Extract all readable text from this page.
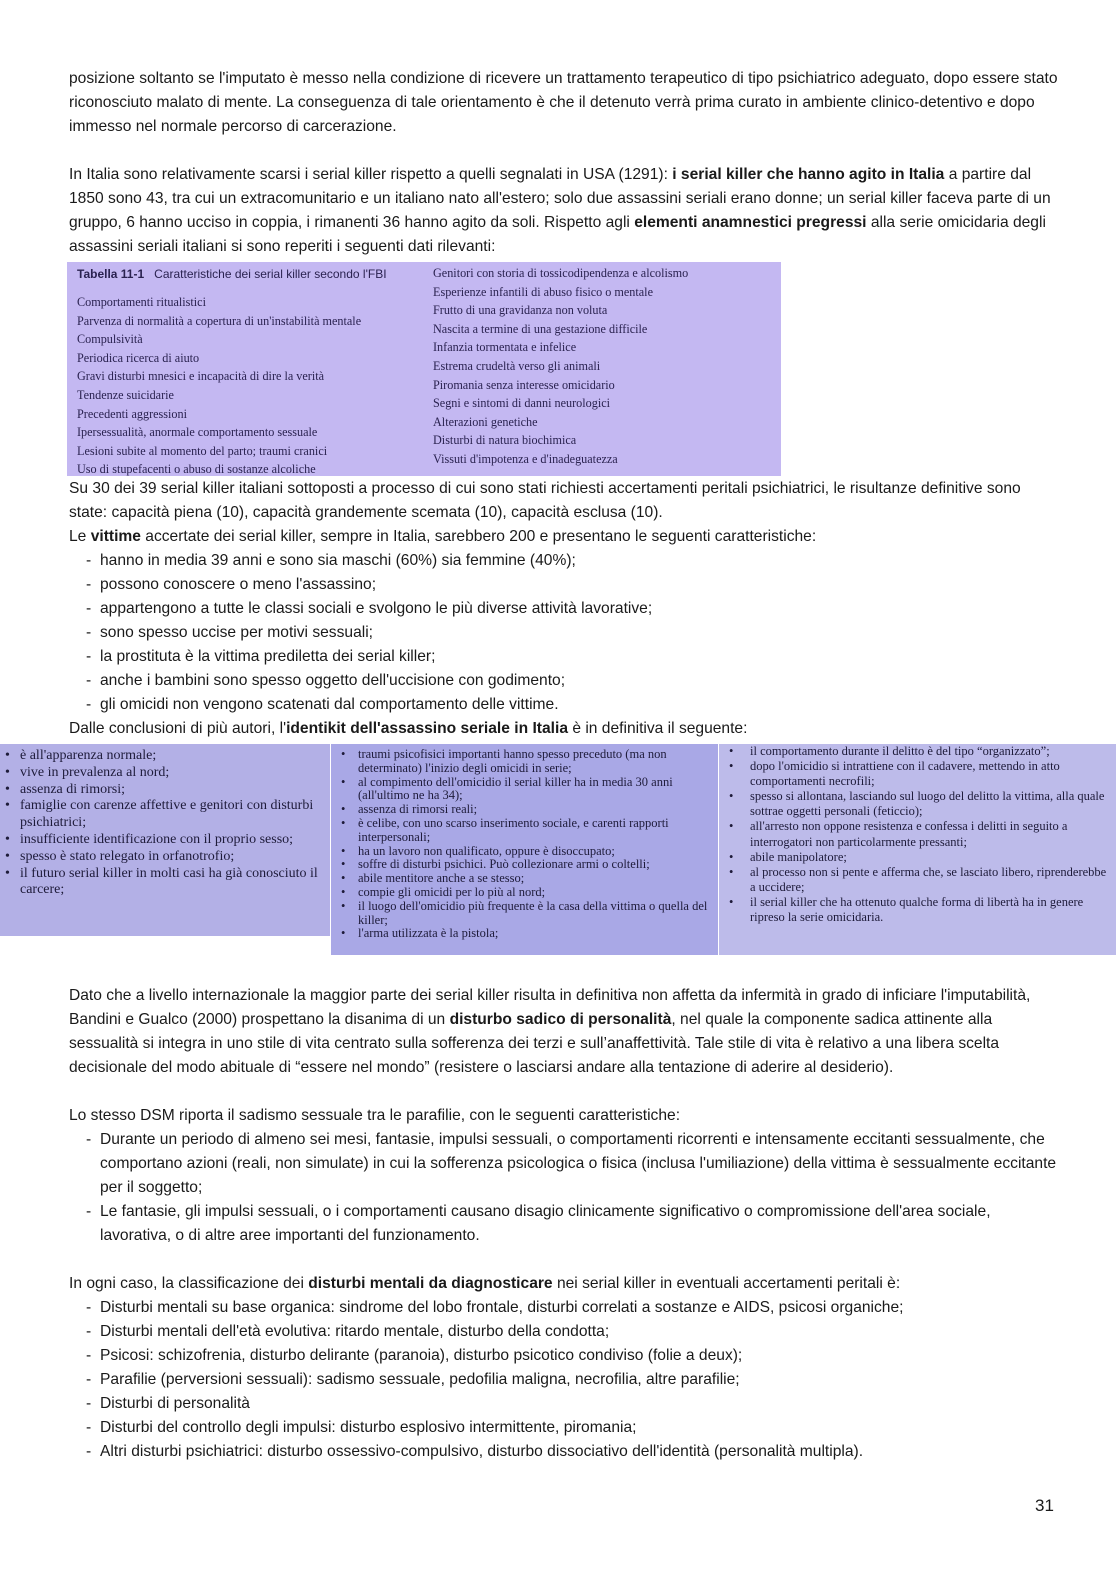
posizione soltanto se l'imputato è messo nella condizione di ricevere un trattamento terapeutico di tipo psichiatrico adeguato, dopo essere stato riconosciuto malato di mente. La conseguenza di tale orientamento è che il detenuto verrà prima curato in ambiente clinico-detentivo e dopo immesso nel normale percorso di carcerazione.

In Italia sono relativamente scarsi i serial killer rispetto a quelli segnalati in USA (1291): i serial killer che hanno agito in Italia a partire dal 1850 sono 43, tra cui un extracomunitario e un italiano nato all'estero; solo due assassini seriali erano donne; un serial killer faceva parte di un gruppo, 6 hanno ucciso in coppia, i rimanenti 36 hanno agito da soli. Rispetto agli elementi anamnestici pregressi alla serie omicidaria degli assassini seriali italiani si sono reperiti i seguenti dati rilevanti:

Tabella 11-1 Caratteristiche dei serial killer secondo l'FBI
Comportamenti ritualistici
Parvenza di normalità a copertura di un'instabilità mentale
Compulsività
Periodica ricerca di aiuto
Gravi disturbi mnesici e incapacità di dire la verità
Tendenze suicidarie
Precedenti aggressioni
Ipersessualità, anormale comportamento sessuale
Lesioni subite al momento del parto; traumi cranici
Uso di stupefacenti o abuso di sostanze alcoliche
Genitori con storia di tossicodipendenza e alcolismo
Esperienze infantili di abuso fisico o mentale
Frutto di una gravidanza non voluta
Nascita a termine di una gestazione difficile
Infanzia tormentata e infelice
Estrema crudeltà verso gli animali
Piromania senza interesse omicidario
Segni e sintomi di danni neurologici
Alterazioni genetiche
Disturbi di natura biochimica
Vissuti d'impotenza e d'inadeguatezza

Su 30 dei 39 serial killer italiani sottoposti a processo di cui sono stati richiesti accertamenti peritali psichiatrici, le risultanze definitive sono state: capacità piena (10), capacità grandemente scemata (10), capacità esclusa (10).

Le vittime accertate dei serial killer, sempre in Italia, sarebbero 200 e presentano le seguenti caratteristiche:

- hanno in media 39 anni e sono sia maschi (60%) sia femmine (40%);
- possono conoscere o meno l'assassino;
- appartengono a tutte le classi sociali e svolgono le più diverse attività lavorative;
- sono spesso uccise per motivi sessuali;
- la prostituta è la vittima prediletta dei serial killer;
- anche i bambini sono spesso oggetto dell'uccisione con godimento;
- gli omicidi non vengono scatenati dal comportamento delle vittime.

Dalle conclusioni di più autori, l'identikit dell'assassino seriale in Italia è in definitiva il seguente:

• è all'apparenza normale;
• vive in prevalenza al nord;
• assenza di rimorsi;
• famiglie con carenze affettive e genitori con disturbi psichiatrici;
• insufficiente identificazione con il proprio sesso;
• spesso è stato relegato in orfanotrofio;
• il futuro serial killer in molti casi ha già conosciuto il carcere;
• traumi psicofisici importanti hanno spesso preceduto (ma non determinato) l'inizio degli omicidi in serie;
• al compimento dell'omicidio il serial killer ha in media 30 anni (all'ultimo ne ha 34);
• assenza di rimorsi reali;
• è celibe, con uno scarso inserimento sociale, e carenti rapporti interpersonali;
• ha un lavoro non qualificato, oppure è disoccupato;
• soffre di disturbi psichici. Può collezionare armi o coltelli;
• abile mentitore anche a se stesso;
• compie gli omicidi per lo più al nord;
• il luogo dell'omicidio più frequente è la casa della vittima o quella del killer;
• l'arma utilizzata è la pistola;
• il comportamento durante il delitto è del tipo “organizzato”;
• dopo l'omicidio si intrattiene con il cadavere, mettendo in atto comportamenti necrofili;
• spesso si allontana, lasciando sul luogo del delitto la vittima, alla quale sottrae oggetti personali (feticcio);
• all'arresto non oppone resistenza e confessa i delitti in seguito a interrogatori non particolarmente pressanti;
• abile manipolatore;
• al processo non si pente e afferma che, se lasciato libero, riprenderebbe a uccidere;
• il serial killer che ha ottenuto qualche forma di libertà ha in genere ripreso la serie omicidaria.

Dato che a livello internazionale la maggior parte dei serial killer risulta in definitiva non affetta da infermità in grado di inficiare l'imputabilità, Bandini e Gualco (2000) prospettano la disanima di un disturbo sadico di personalità, nel quale la componente sadica attinente alla sessualità si integra in uno stile di vita centrato sulla sofferenza dei terzi e sull’anaffettività. Tale stile di vita è relativo a una libera scelta decisionale del modo abituale di “essere nel mondo” (resistere o lasciarsi andare alla tentazione di aderire al desiderio).

Lo stesso DSM riporta il sadismo sessuale tra le parafilie, con le seguenti caratteristiche:

- Durante un periodo di almeno sei mesi, fantasie, impulsi sessuali, o comportamenti ricorrenti e intensamente eccitanti sessualmente, che comportano azioni (reali, non simulate) in cui la sofferenza psicologica o fisica (inclusa l'umiliazione) della vittima è sessualmente eccitante per il soggetto;
- Le fantasie, gli impulsi sessuali, o i comportamenti causano disagio clinicamente significativo o compromissione dell'area sociale, lavorativa, o di altre aree importanti del funzionamento.

In ogni caso, la classificazione dei disturbi mentali da diagnosticare nei serial killer in eventuali accertamenti peritali è:

- Disturbi mentali su base organica: sindrome del lobo frontale, disturbi correlati a sostanze e AIDS, psicosi organiche;
- Disturbi mentali dell'età evolutiva: ritardo mentale, disturbo della condotta;
- Psicosi: schizofrenia, disturbo delirante (paranoia), disturbo psicotico condiviso (folie a deux);
- Parafilie (perversioni sessuali): sadismo sessuale, pedofilia maligna, necrofilia, altre parafilie;
- Disturbi di personalità
- Disturbi del controllo degli impulsi: disturbo esplosivo intermittente, piromania;
- Altri disturbi psichiatrici: disturbo ossessivo-compulsivo, disturbo dissociativo dell'identità (personalità multipla).
31
